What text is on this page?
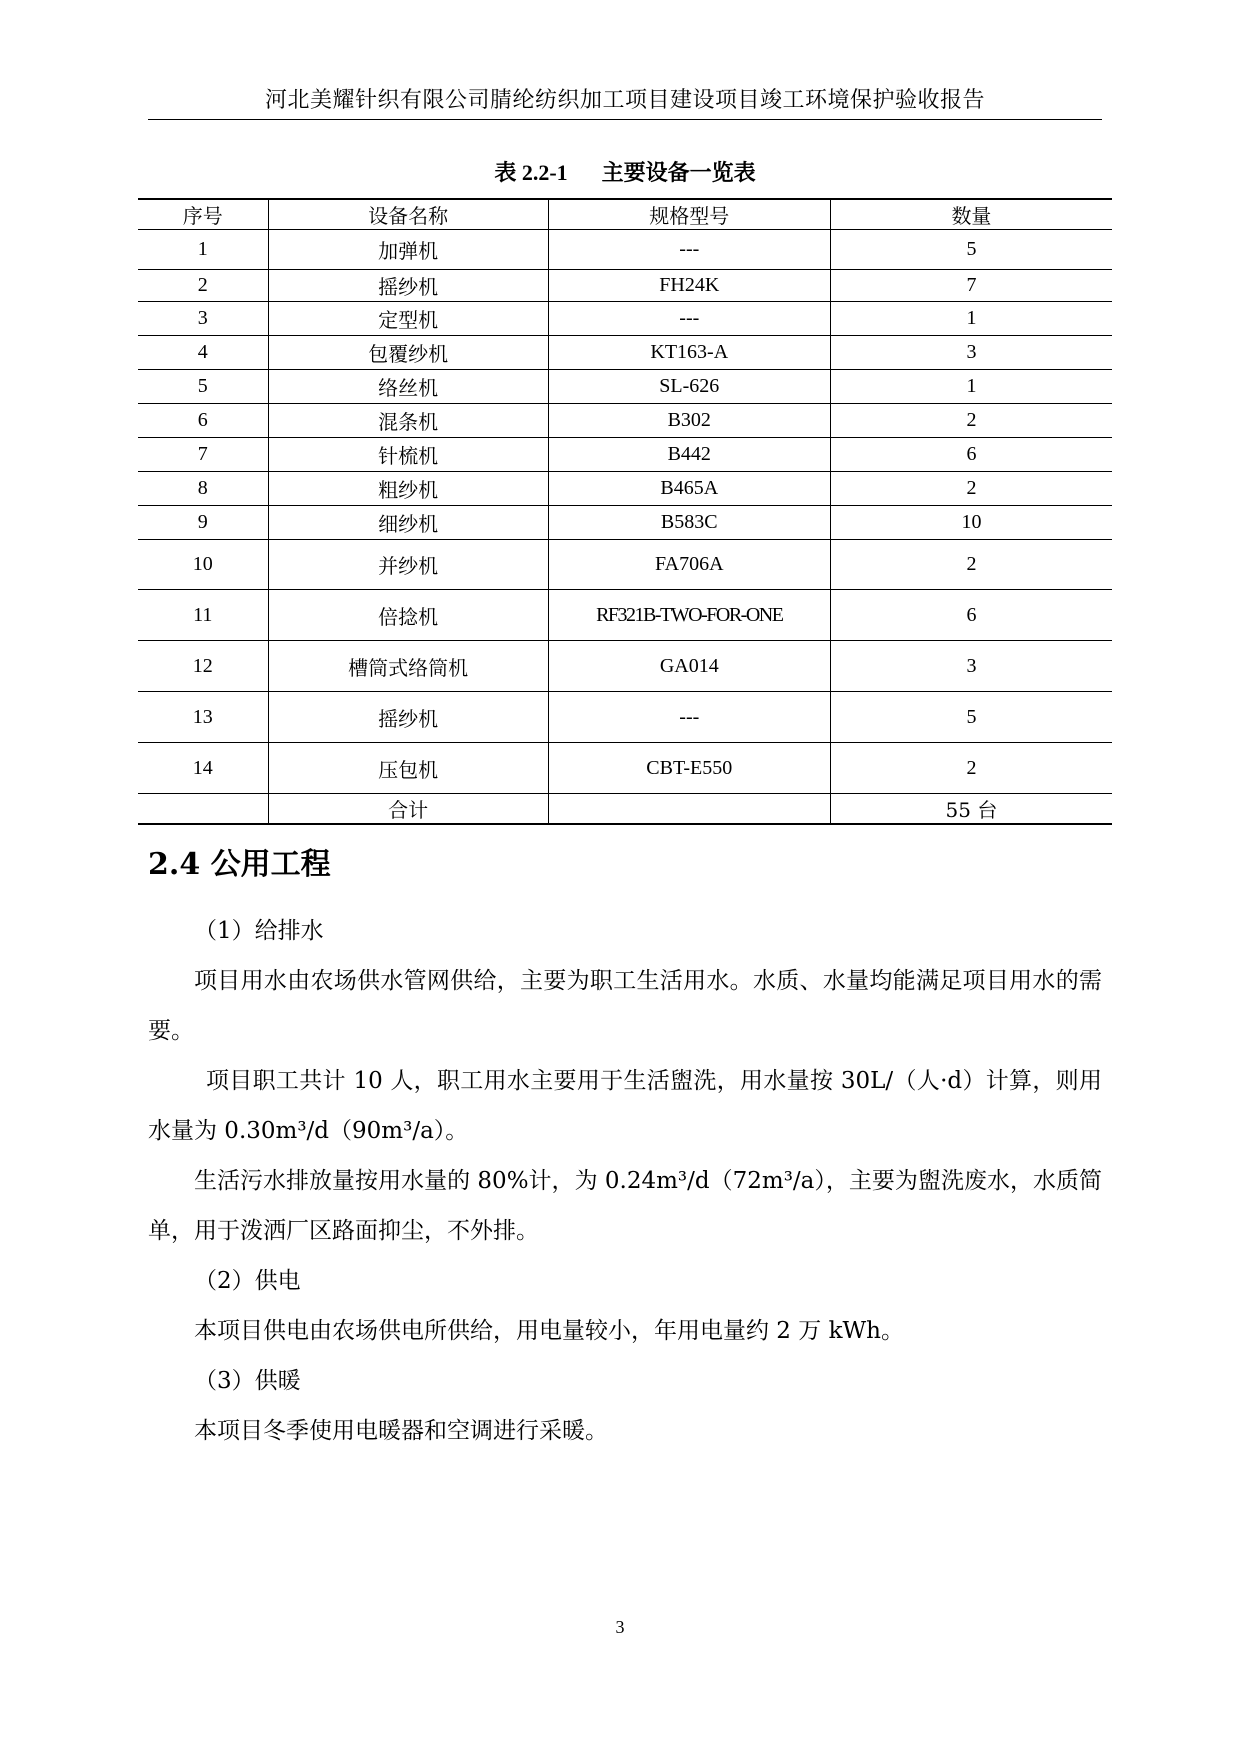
河北美耀针织有限公司腈纶纺织加工项目建设项目竣工环境保护验收报告
表 2.2-1 主要设备一览表
序号	设备名称	规格型号	数量
1	加弹机	---	5
2	摇纱机	FH24K	7
3	定型机	---	1
4	包覆纱机	KT163-A	3
5	络丝机	SL-626	1
6	混条机	B302	2
7	针梳机	B442	6
8	粗纱机	B465A	2
9	细纱机	B583C	10
10	并纱机	FA706A	2
11	倍捻机	RF321B-TWO-FOR-ONE	6
12	槽筒式络筒机	GA014	3
13	摇纱机	---	5
14	压包机	CBT-E550	2
	合计		55 台
2.4 公用工程
（1）给排水
项目用水由农场供水管网供给，主要为职工生活用水。水质、水量均能满足项目用水的需要。
项目职工共计 10 人，职工用水主要用于生活盥洗，用水量按 30L/（人·d）计算，则用水量为 0.30m³/d（90m³/a）。
生活污水排放量按用水量的 80%计，为 0.24m³/d（72m³/a），主要为盥洗废水，水质简单，用于泼洒厂区路面抑尘，不外排。
（2）供电
本项目供电由农场供电所供给，用电量较小，年用电量约 2 万 kWh。
（3）供暖
本项目冬季使用电暖器和空调进行采暖。
3
